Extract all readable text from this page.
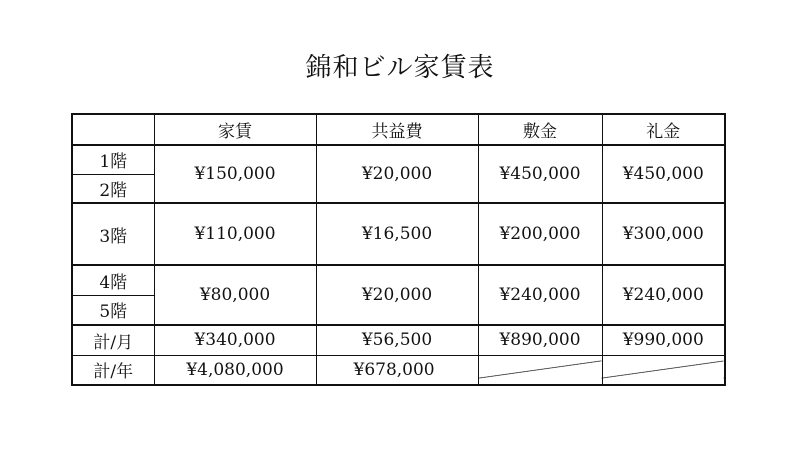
錦和ビル家賃表
	家賃	共益費	敷金	礼金
1階	¥150,000	¥20,000	¥450,000	¥450,000
2階				
3階	¥110,000	¥16,500	¥200,000	¥300,000
4階	¥80,000	¥20,000	¥240,000	¥240,000
5階				
計/月	¥340,000	¥56,500	¥890,000	¥990,000
計/年	¥4,080,000	¥678,000		
